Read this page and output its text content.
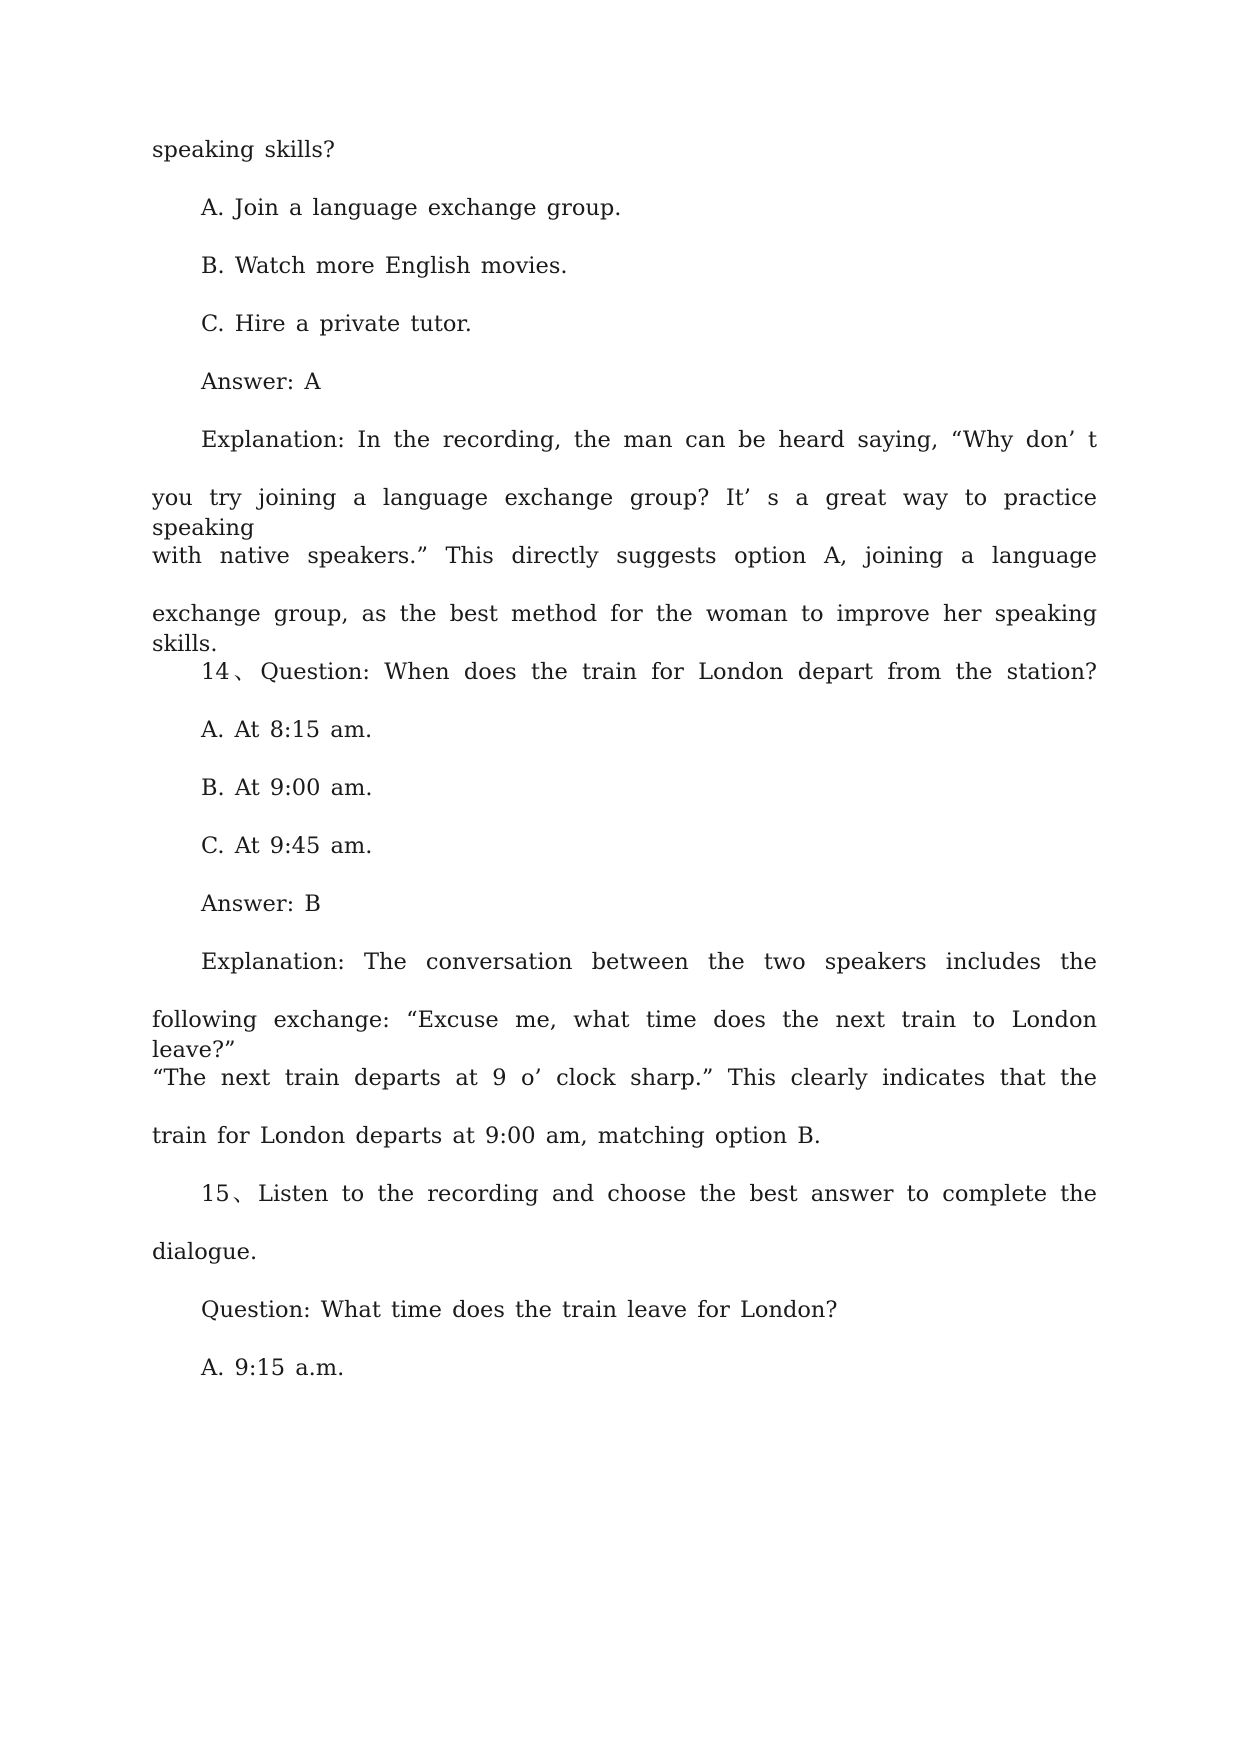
speaking skills?
A. Join a language exchange group.
B. Watch more English movies.
C. Hire a private tutor.
Answer: A
Explanation: In the recording, the man can be heard saying, “Why don’ t
you try joining a language exchange group? It’ s a great way to practice speaking
with native speakers.” This directly suggests option A, joining a language
exchange group, as the best method for the woman to improve her speaking skills.
14、Question: When does the train for London depart from the station?
A. At 8:15 am.
B. At 9:00 am.
C. At 9:45 am.
Answer: B
Explanation: The conversation between the two speakers includes the
following exchange: “Excuse me, what time does the next train to London leave?”
“The next train departs at 9 o’ clock sharp.” This clearly indicates that the
train for London departs at 9:00 am, matching option B.
15、Listen to the recording and choose the best answer to complete the
dialogue.
Question: What time does the train leave for London?
A. 9:15 a.m.
